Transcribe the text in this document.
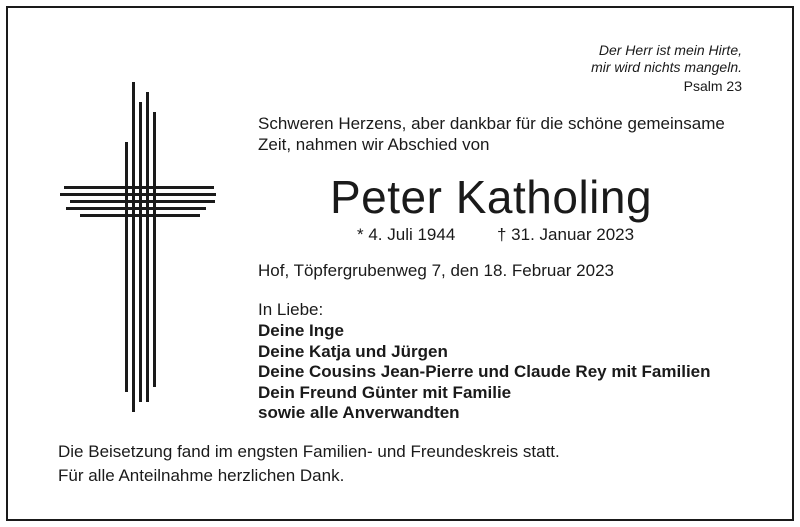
Der Herr ist mein Hirte,
mir wird nichts mangeln.
Psalm 23
Schweren Herzens, aber dankbar für die schöne gemeinsame
Zeit, nahmen wir Abschied von
Peter Katholing
* 4. Juli 1944 † 31. Januar 2023
Hof, Töpfergrubenweg 7, den 18. Februar 2023
In Liebe:
Deine Inge
Deine Katja und Jürgen
Deine Cousins Jean-Pierre und Claude Rey mit Familien
Dein Freund Günter mit Familie
sowie alle Anverwandten
Die Beisetzung fand im engsten Familien- und Freundeskreis statt.
Für alle Anteilnahme herzlichen Dank.
